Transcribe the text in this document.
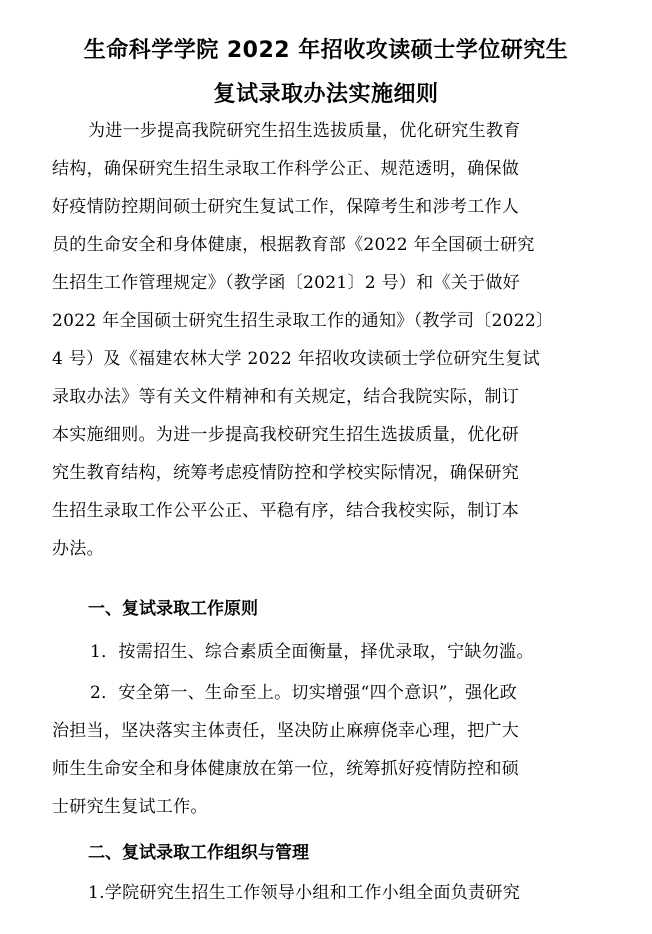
生命科学学院 2022 年招收攻读硕士学位研究生
复试录取办法实施细则
为进一步提高我院研究生招生选拔质量，优化研究生教育
结构，确保研究生招生录取工作科学公正、规范透明，确保做
好疫情防控期间硕士研究生复试工作，保障考生和涉考工作人
员的生命安全和身体健康，根据教育部《2022 年全国硕士研究
生招生工作管理规定》（教学函〔2021〕2 号）和《关于做好
2022 年全国硕士研究生招生录取工作的通知》（教学司〔2022〕
4 号）及《福建农林大学 2022 年招收攻读硕士学位研究生复试
录取办法》等有关文件精神和有关规定，结合我院实际，制订
本实施细则。为进一步提高我校研究生招生选拔质量，优化研
究生教育结构，统筹考虑疫情防控和学校实际情况，确保研究
生招生录取工作公平公正、平稳有序，结合我校实际，制订本
办法。
一、复试录取工作原则
1．按需招生、综合素质全面衡量，择优录取，宁缺勿滥。
2．安全第一、生命至上。切实增强“四个意识”，强化政
治担当，坚决落实主体责任，坚决防止麻痹侥幸心理，把广大
师生生命安全和身体健康放在第一位，统筹抓好疫情防控和硕
士研究生复试工作。
二、复试录取工作组织与管理
1.学院研究生招生工作领导小组和工作小组全面负责研究
